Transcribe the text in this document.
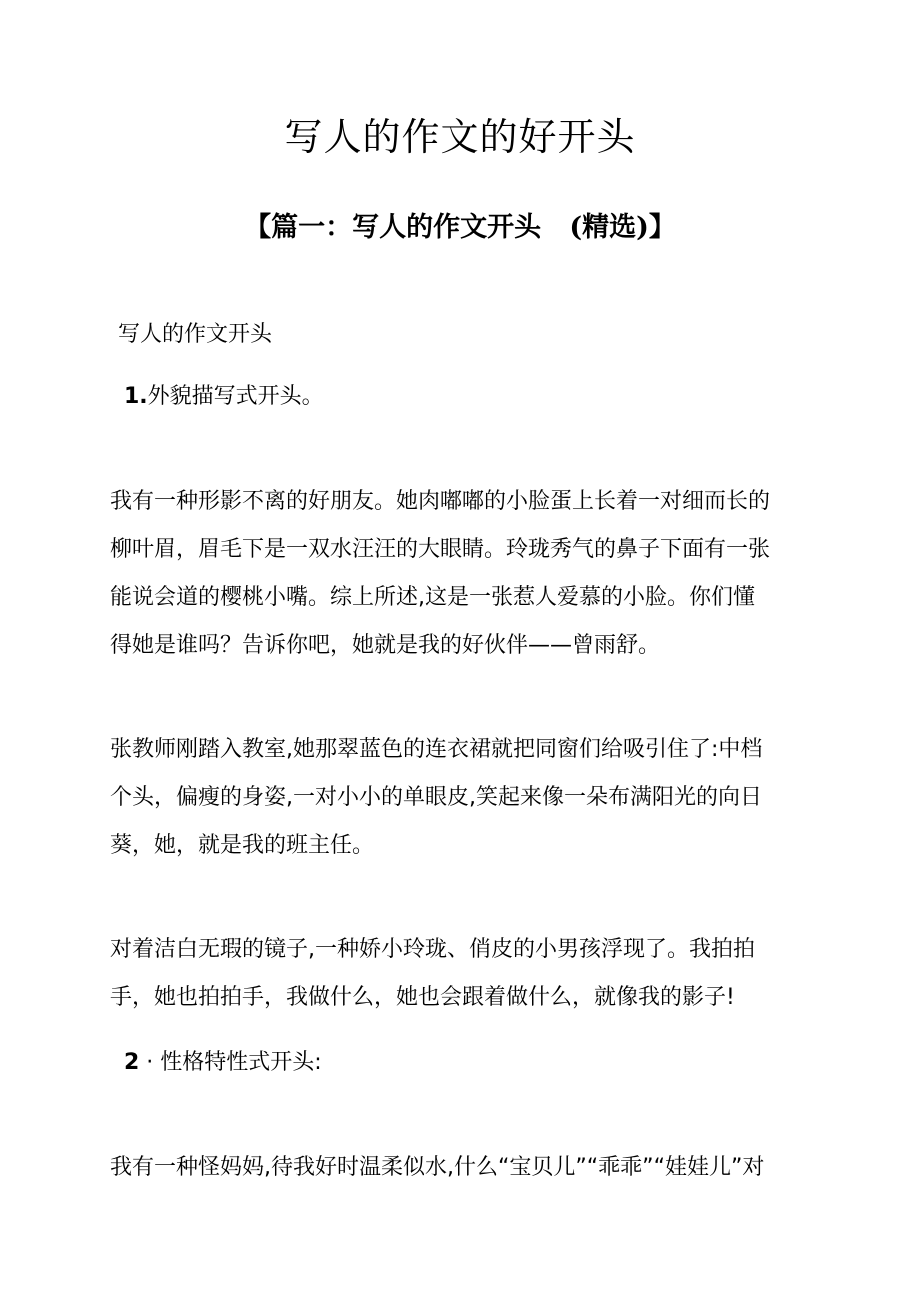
写人的作文的好开头
【篇一：写人的作文开头   (精选)】

写人的作文开头

1.外貌描写式开头。

我有一种形影不离的好朋友。她肉嘟嘟的小脸蛋上长着一对细而长的
柳叶眉，眉毛下是一双水汪汪的大眼睛。玲珑秀气的鼻子下面有一张
能说会道的樱桃小嘴。综上所述,这是一张惹人爱慕的小脸。你们懂
得她是谁吗？告诉你吧，她就是我的好伙伴——曾雨舒。
张教师刚踏入教室,她那翠蓝色的连衣裙就把同窗们给吸引住了:中档
个头，偏瘦的身姿,一对小小的单眼皮,笑起来像一朵布满阳光的向日
葵，她，就是我的班主任。
对着洁白无瑕的镜子,一种娇小玲珑、俏皮的小男孩浮现了。我拍拍
手，她也拍拍手，我做什么，她也会跟着做什么，就像我的影子!

2 · 性格特性式开头:

我有一种怪妈妈,待我好时温柔似水,什么“宝贝儿”“乖乖”“娃娃儿”对
